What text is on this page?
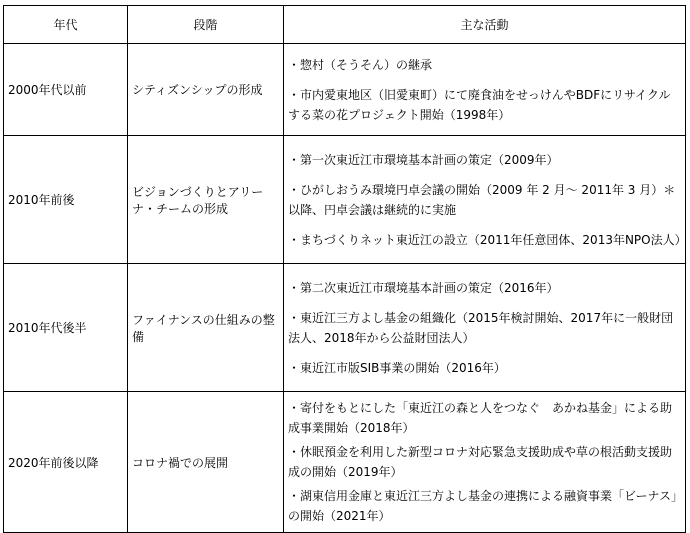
年代	段階	主な活動
2000年代以前	シティズンシップの形成	・惣村（そうそん）の継承

・市内愛東地区（旧愛東町）にて廃食油をせっけんやBDFにリサイクルする菜の花プロジェクト開始（1998年）

2010年前後	ビジョンづくりとアリーナ・チームの形成	・第一次東近江市環境基本計画の策定（2009年）

・ひがしおうみ環境円卓会議の開始（2009 年 2 月～ 2011年 3 月）＊以降、円卓会議は継続的に実施

・まちづくりネット東近江の設立（2011年任意団体、2013年NPO法人）

2010年代後半	ファイナンスの仕組みの整備	・第二次東近江市環境基本計画の策定（2016年）

・東近江三方よし基金の組織化（2015年検討開始、2017年に一般財団法人、2018年から公益財団法人）

・東近江市版SIB事業の開始（2016年）

2020年前後以降	コロナ禍での展開	・寄付をもとにした「東近江の森と人をつなぐ　あかね基金」による助成事業開始（2018年）

・休眠預金を利用した新型コロナ対応緊急支援助成や草の根活動支援助成の開始（2019年）

・湖東信用金庫と東近江三方よし基金の連携による融資事業「ビーナス」の開始（2021年）
